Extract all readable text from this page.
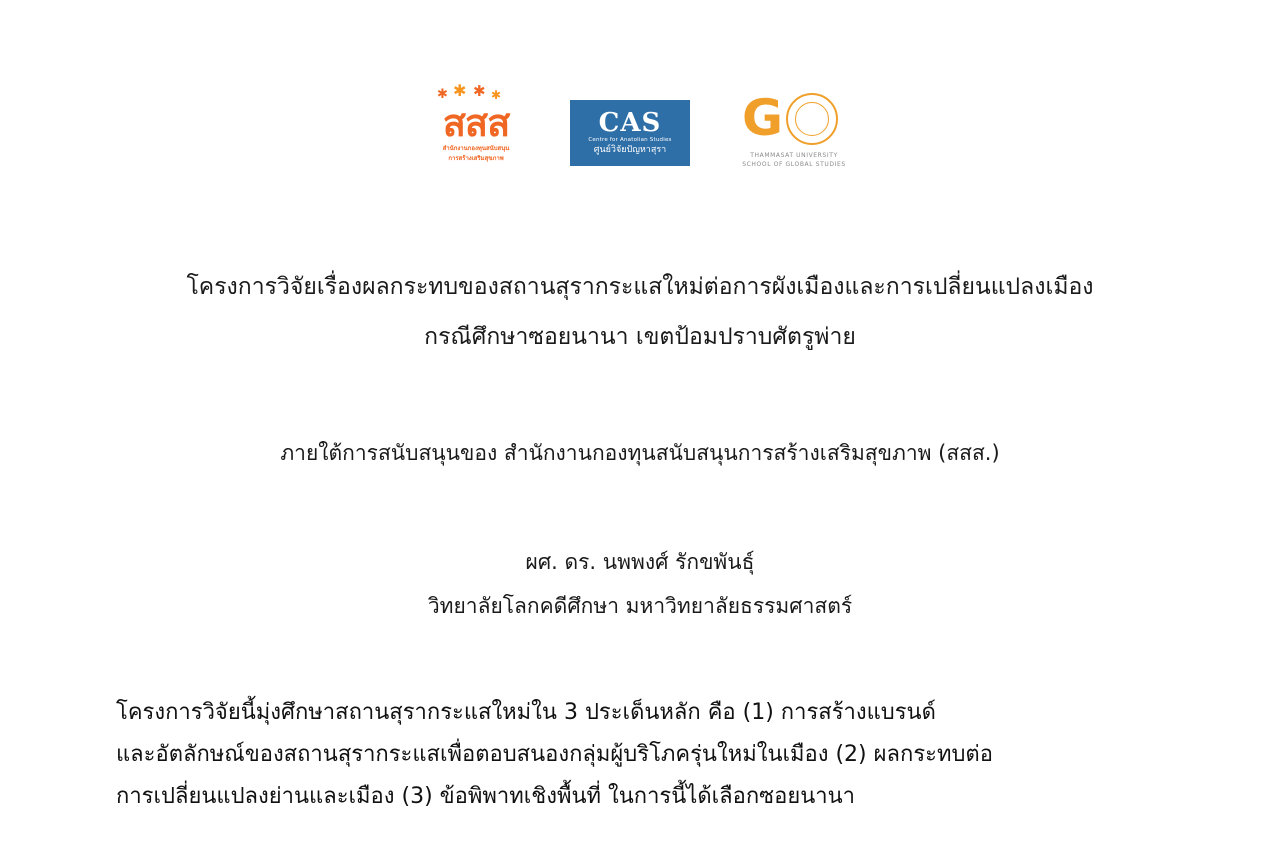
✱ ✱ ✱ ✱
สสส
สำนักงานกองทุนสนับสนุน
การสร้างเสริมสุขภาพ
CAS
Centre for Anatolian Studies
ศูนย์วิจัยปัญหาสุรา
G
THAMMASAT UNIVERSITY
SCHOOL OF GLOBAL STUDIES
โครงการวิจัยเรื่องผลกระทบของสถานสุรากระแสใหม่ต่อการผังเมืองและการเปลี่ยนแปลงเมือง
กรณีศึกษาซอยนานา เขตป้อมปราบศัตรูพ่าย
ภายใต้การสนับสนุนของ สำนักงานกองทุนสนับสนุนการสร้างเสริมสุขภาพ (สสส.)
ผศ. ดร. นพพงศ์ รักขพันธุ์
วิทยาลัยโลกคดีศึกษา มหาวิทยาลัยธรรมศาสตร์
โครงการวิจัยนี้มุ่งศึกษาสถานสุรากระแสใหม่ใน 3 ประเด็นหลัก คือ (1) การสร้างแบรนด์
และอัตลักษณ์ของสถานสุรากระแสเพื่อตอบสนองกลุ่มผู้บริโภครุ่นใหม่ในเมือง (2) ผลกระทบต่อ
การเปลี่ยนแปลงย่านและเมือง (3) ข้อพิพาทเชิงพื้นที่ ในการนี้ได้เลือกซอยนานา
